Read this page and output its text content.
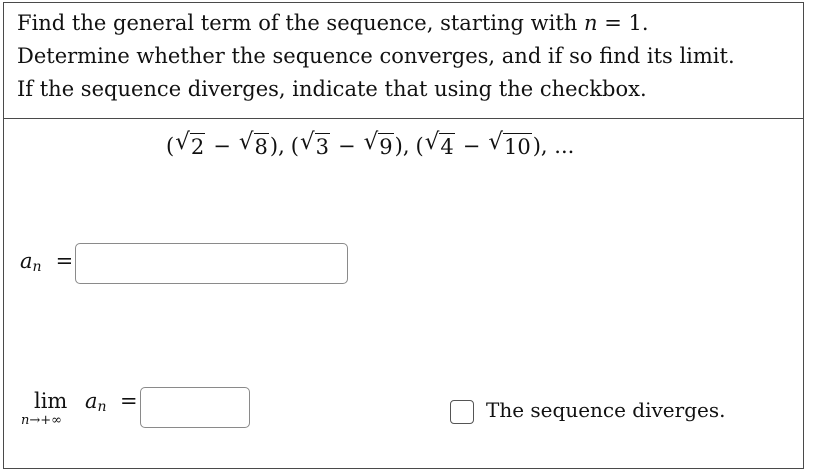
Find the general term of the sequence, starting with n = 1.
Determine whether the sequence converges, and if so find its limit.
If the sequence diverges, indicate that using the checkbox.
( √ 2 − √ 8 ), ( √ 3 − √ 9 ), ( √ 4 − √ 10 ), ...
$a_n$ =
lim
n→+∞
$a_n$ =	The sequence diverges.
